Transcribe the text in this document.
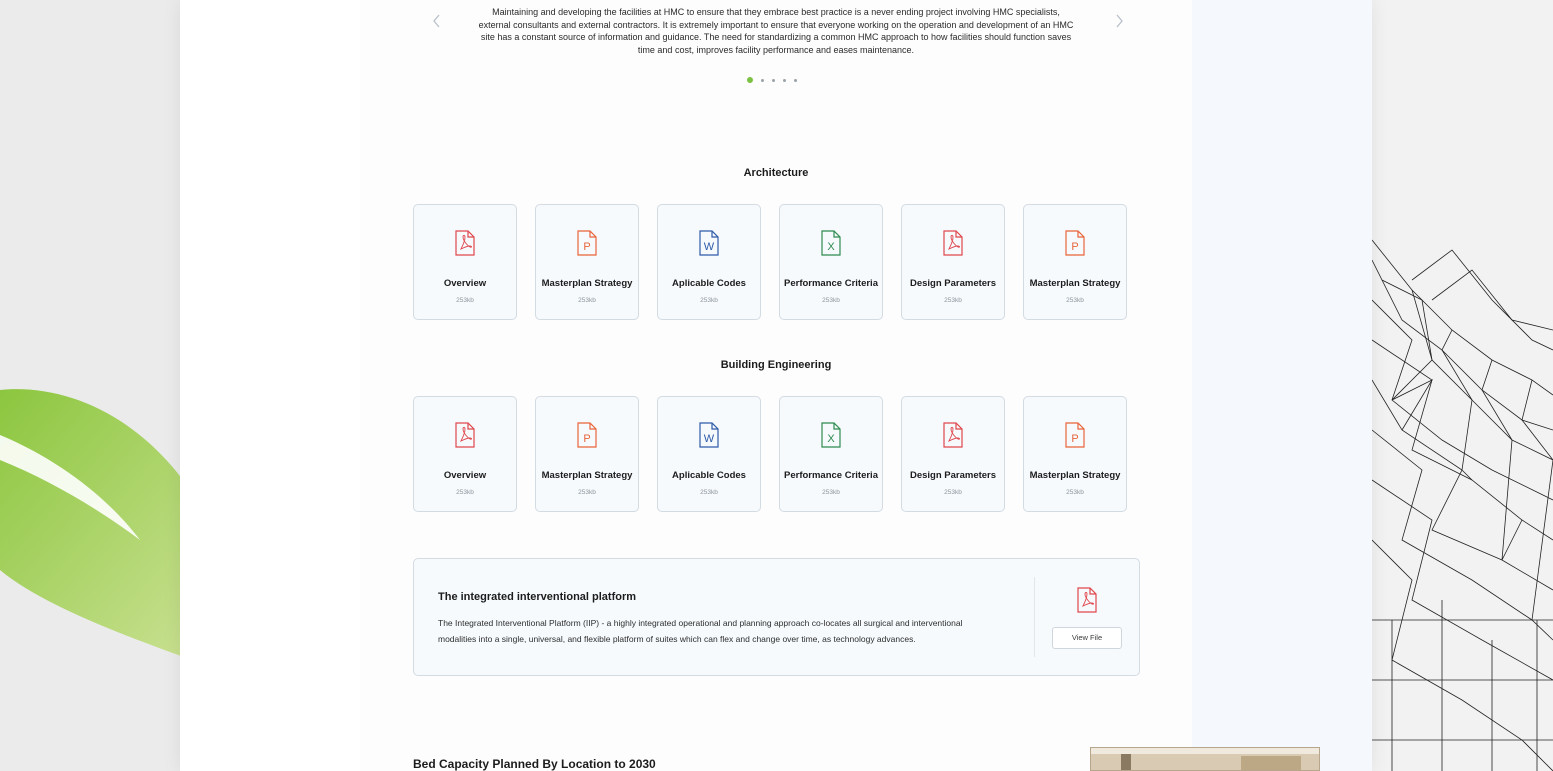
Maintaining and developing the facilities at HMC to ensure that they embrace best practice is a never ending project involving HMC specialists, external consultants and external contractors. It is extremely important to ensure that everyone working on the operation and development of an HMC site has a constant source of information and guidance. The need for standardizing a common HMC approach to how facilities should function saves time and cost, improves facility performance and eases maintenance.
Architecture
Overview
253kb
P
Masterplan Strategy
253kb
W
Aplicable Codes
253kb
X
Performance Criteria
253kb
Design Parameters
253kb
P
Masterplan Strategy
253kb
Building Engineering
Overview
253kb
P
Masterplan Strategy
253kb
W
Aplicable Codes
253kb
X
Performance Criteria
253kb
Design Parameters
253kb
P
Masterplan Strategy
253kb
The integrated interventional platform
The Integrated Interventional Platform (IIP) - a highly integrated operational and planning approach co-locates all surgical and interventional modalities into a single, universal, and flexible platform of suites which can flex and change over time, as technology advances.	View File
Bed Capacity Planned By Location to 2030
